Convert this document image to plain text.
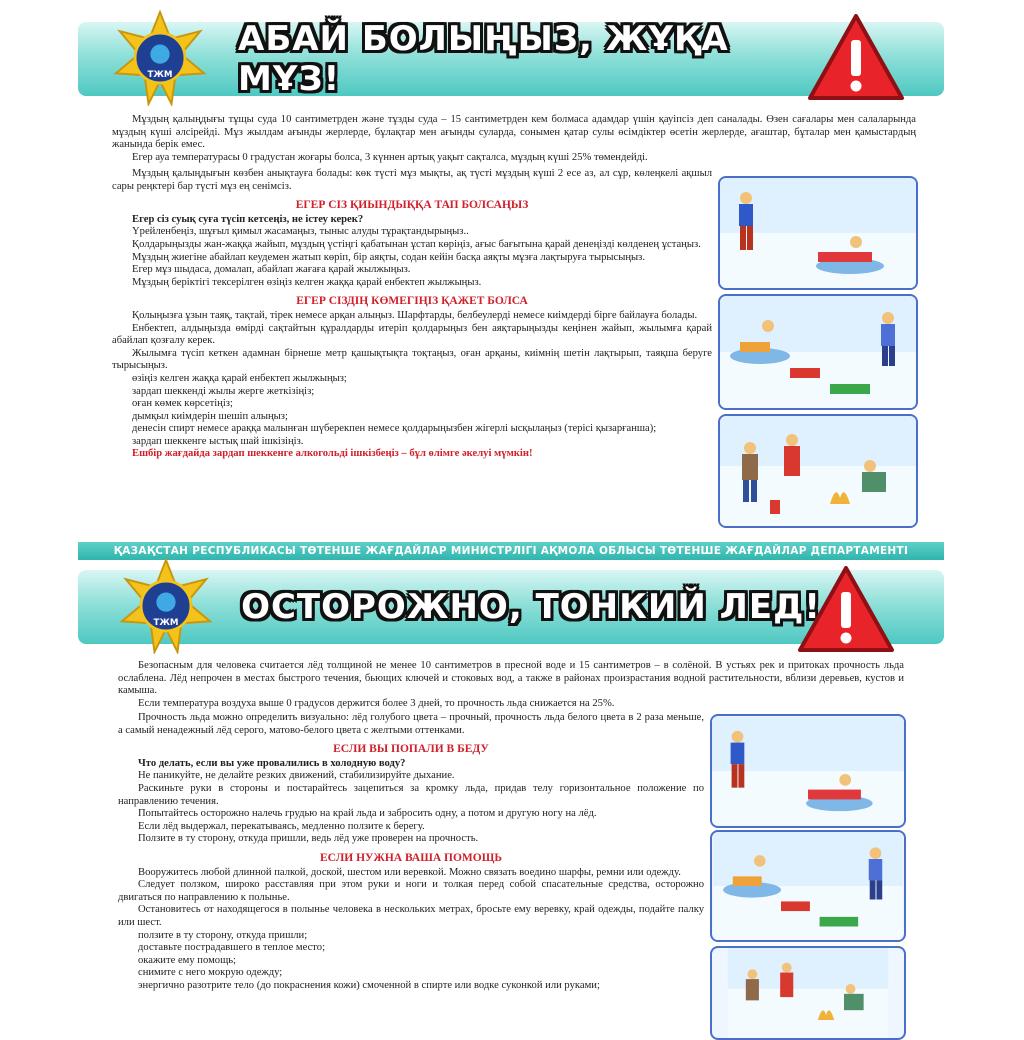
АБАЙ БОЛЫҢЫЗ, ЖҰҚА МҰЗ!
ТЖМ

Мұздың қалыңдығы тұщы суда 10 сантиметрден және тұзды суда – 15 сантиметрден кем болмаса адамдар үшін қауіпсіз деп саналады. Өзен сағалары мен салаларында мұздың күші әлсірейді. Мұз жылдам ағынды жерлерде, бұлақтар мен ағынды суларда, сонымен қатар сулы өсімдіктер өсетін жерлерде, ағаштар, бұталар мен қамыстардың жанында берік емес.

Егер ауа температурасы 0 градустан жоғары болса, 3 күннен артық уақыт сақталса, мұздың күші 25% төмендейді.

Мұздың қалыңдығын көзбен анықтауға болады: көк түсті мұз мықты, ақ түсті мұздың күші 2 есе аз, ал сұр, көлеңкелі ақшыл сары реңктері бар түсті мұз ең сенімсіз.

ЕГЕР СІЗ ҚИЫНДЫҚҚА ТАП БОЛСАҢЫЗ

Егер сіз суық суға түсіп кетсеңіз, не істеу керек?

Үрейленбеңіз, шұғыл қимыл жасамаңыз, тыныс алуды тұрақтандырыңыз..

Қолдарыңызды жан-жаққа жайып, мұздың үстіңгі қабатынан ұстап көріңіз, ағыс бағытына қарай денеңізді көлденең ұстаңыз.

Мұздың жиегіне абайлап кеудемен жатып көріп, бір аяқты, содан кейін басқа аяқты мұзға лақтыруға тырысыңыз.

Егер мұз шыдаса, домалап, абайлап жағаға қарай жылжыңыз.

Мұздың беріктігі тексерілген өзіңіз келген жаққа қарай енбектеп жылжыңыз.

ЕГЕР СІЗДІҢ КӨМЕГІҢІЗ ҚАЖЕТ БОЛСА

Қолыңызға ұзын таяқ, тақтай, тірек немесе арқан алыңыз. Шарфтарды, белбеулерді немесе киімдерді бірге байлауға болады.

Енбектеп, алдыңызда өмірді сақтайтын құралдарды итеріп қолдарыңыз бен аяқтарыңызды кеңінен жайып, жылымға қарай абайлап қозғалу керек.

Жылымға түсіп кеткен адамнан бірнеше метр қашықтықта тоқтаңыз, оған арқаны, киімнің шетін лақтырып, таяқша беруге тырысыңыз.

өзіңіз келген жаққа қарай енбектеп жылжыңыз;

зардап шеккенді жылы жерге жеткізіңіз;

оған көмек көрсетіңіз;

дымқыл киімдерін шешіп алыңыз;

денесін спирт немесе араққа малынған шүберекпен немесе қолдарыңызбен жігерлі ысқылаңыз (терісі қызарғанша);

зардап шеккенге ыстық шай ішкізіңіз.

Ешбір жағдайда зардап шеккенге алкогольді ішкізбеңіз – бұл өлімге әкелуі мүмкін!

ҚАЗАҚСТАН РЕСПУБЛИКАСЫ ТӨТЕНШЕ ЖАҒДАЙЛАР МИНИСТРЛІГІ АҚМОЛА ОБЛЫСЫ ТӨТЕНШЕ ЖАҒДАЙЛАР ДЕПАРТАМЕНТІ
ОСТОРОЖНО, ТОНКИЙ ЛЕД!
ТЖМ

Безопасным для человека считается лёд толщиной не менее 10 сантиметров в пресной воде и 15 сантиметров – в солёной. В устьях рек и притоках прочность льда ослаблена. Лёд непрочен в местах быстрого течения, бьющих ключей и стоковых вод, а также в районах произрастания водной растительности, вблизи деревьев, кустов и камыша.

Если температура воздуха выше 0 градусов держится более 3 дней, то прочность льда снижается на 25%.

Прочность льда можно определить визуально: лёд голубого цвета – прочный, прочность льда белого цвета в 2 раза меньше, а самый ненадежный лёд серого, матово-белого цвета с желтыми оттенками.

ЕСЛИ ВЫ ПОПАЛИ В БЕДУ

Что делать, если вы уже провалились в холодную воду?

Не паникуйте, не делайте резких движений, стабилизируйте дыхание.

Раскиньте руки в стороны и постарайтесь зацепиться за кромку льда, придав телу горизонтальное положение по направлению течения.

Попытайтесь осторожно налечь грудью на край льда и забросить одну, а потом и другую ногу на лёд.

Если лёд выдержал, перекатываясь, медленно ползите к берегу.

Ползите в ту сторону, откуда пришли, ведь лёд уже проверен на прочность.

ЕСЛИ НУЖНА ВАША ПОМОЩЬ

Вооружитесь любой длинной палкой, доской, шестом или веревкой. Можно связать воедино шарфы, ремни или одежду.

Следует ползком, широко расставляя при этом руки и ноги и толкая перед собой спасательные средства, осторожно двигаться по направлению к полынье.

Остановитесь от находящегося в полынье человека в нескольких метрах, бросьте ему веревку, край одежды, подайте палку или шест.

ползите в ту сторону, откуда пришли;

доставьте пострадавшего в теплое место;

окажите ему помощь;

снимите с него мокрую одежду;

энергично разотрите тело (до покраснения кожи) смоченной в спирте или водке суконкой или руками;
